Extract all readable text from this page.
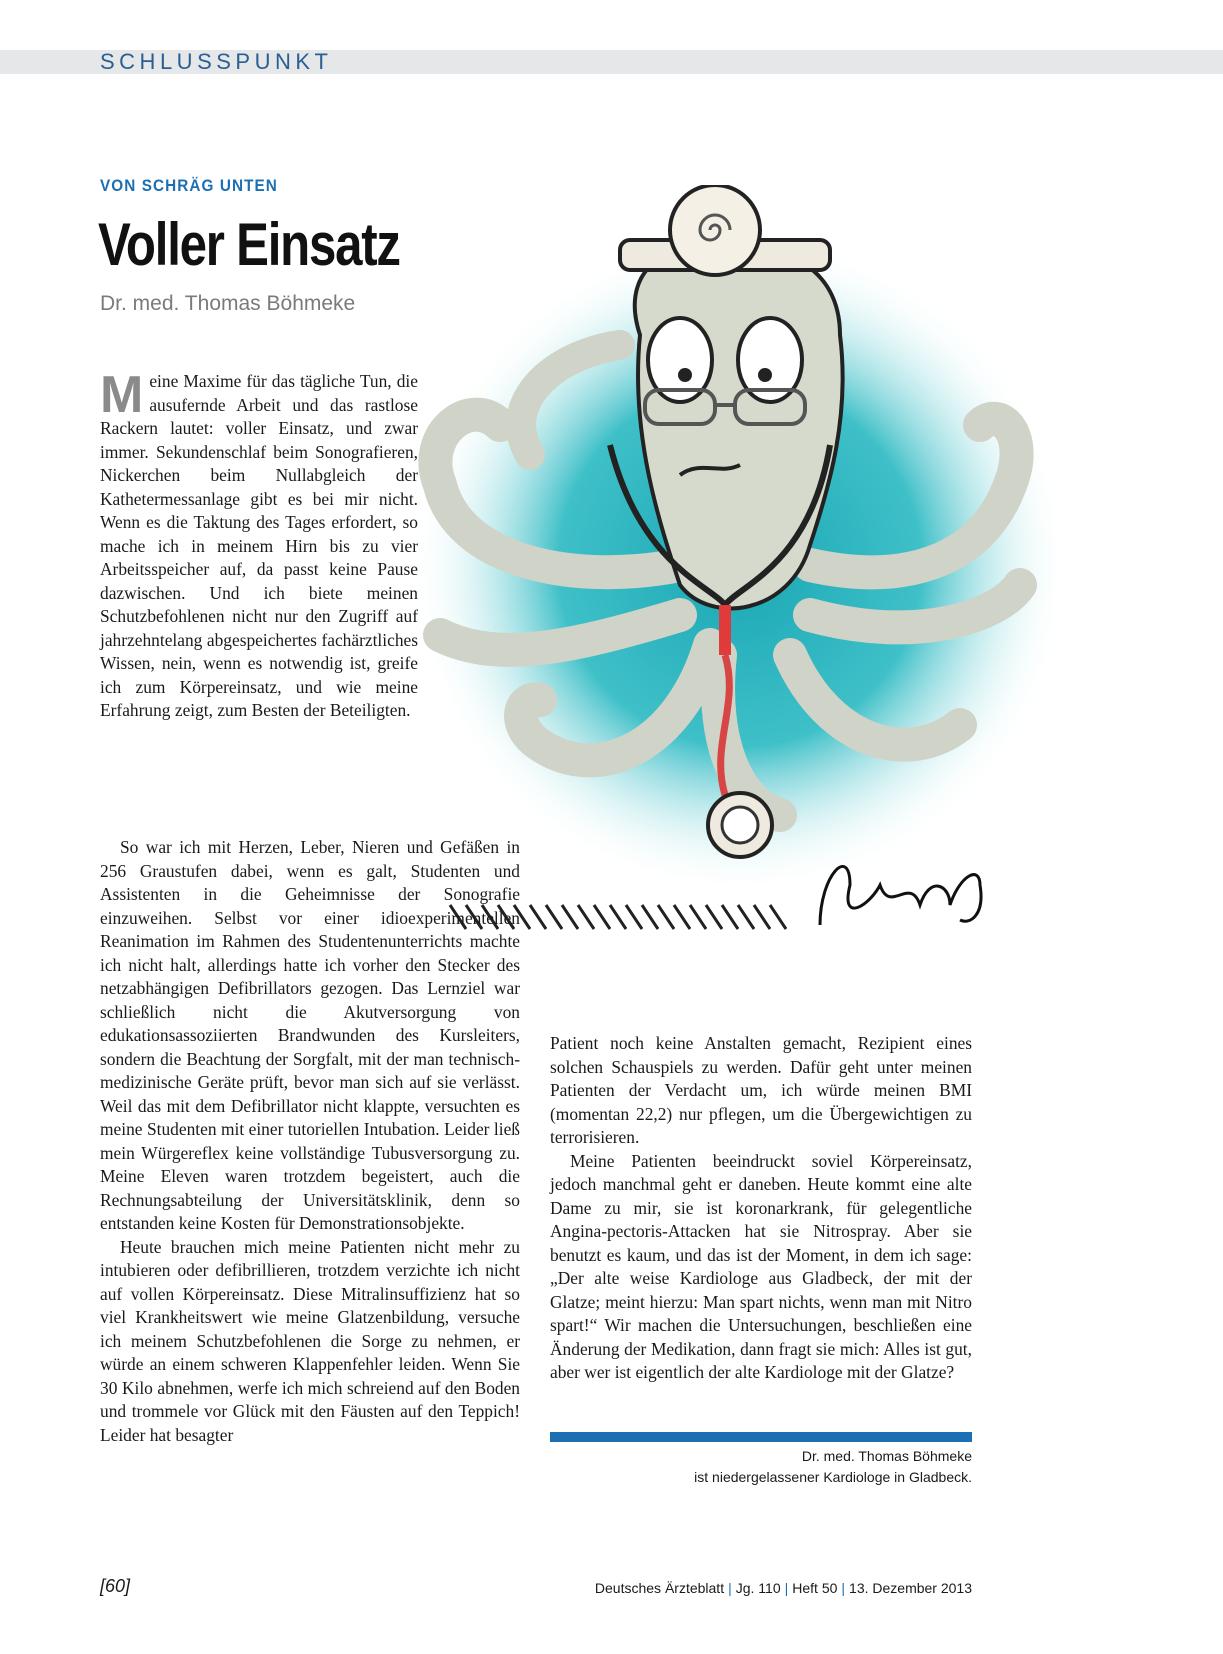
SCHLUSSPUNKT
VON SCHRÄG UNTEN
Voller Einsatz
Dr. med. Thomas Böhmeke

Meine Maxime für das tägliche Tun, die ausufernde Arbeit und das rastlose Rackern lautet: voller Einsatz, und zwar immer. Sekundenschlaf beim Sonografieren, Nickerchen beim Nullabgleich der Kathetermessanlage gibt es bei mir nicht. Wenn es die Taktung des Tages erfordert, so mache ich in meinem Hirn bis zu vier Arbeitsspeicher auf, da passt keine Pause dazwischen. Und ich biete meinen Schutzbefohlenen nicht nur den Zugriff auf jahrzehntelang abgespeichertes fachärztliches Wissen, nein, wenn es notwendig ist, greife ich zum Körpereinsatz, und wie meine Erfahrung zeigt, zum Besten der Beteiligten.

So war ich mit Herzen, Leber, Nieren und Gefäßen in 256 Graustufen dabei, wenn es galt, Studenten und Assistenten in die Geheimnisse der Sonografie einzuweihen. Selbst vor einer idioexperimentellen Reanimation im Rahmen des Studentenunterrichts machte ich nicht halt, allerdings hatte ich vorher den Stecker des netzabhängigen Defibrillators gezogen. Das Lernziel war schließlich nicht die Akutversorgung von edukationsassoziierten Brandwunden des Kursleiters, sondern die Beachtung der Sorgfalt, mit der man technisch-medizinische Geräte prüft, bevor man sich auf sie verlässt. Weil das mit dem Defibrillator nicht klappte, versuchten es meine Studenten mit einer tutoriellen Intubation. Leider ließ mein Würgereflex keine vollständige Tubusversorgung zu. Meine Eleven waren trotzdem begeistert, auch die Rechnungsabteilung der Universitätsklinik, denn so entstanden keine Kosten für Demonstrationsobjekte.

Heute brauchen mich meine Patienten nicht mehr zu intubieren oder defibrillieren, trotzdem verzichte ich nicht auf vollen Körpereinsatz. Diese Mitralinsuffizienz hat so viel Krankheitswert wie meine Glatzenbildung, versuche ich meinem Schutzbefohlenen die Sorge zu nehmen, er würde an einem schweren Klappenfehler leiden. Wenn Sie 30 Kilo abnehmen, werfe ich mich schreiend auf den Boden und trommele vor Glück mit den Fäusten auf den Teppich! Leider hat besagter

Patient noch keine Anstalten gemacht, Rezipient eines solchen Schauspiels zu werden. Dafür geht unter meinen Patienten der Verdacht um, ich würde meinen BMI (momentan 22,2) nur pflegen, um die Übergewichtigen zu terrorisieren.

Meine Patienten beeindruckt soviel Körpereinsatz, jedoch manchmal geht er daneben. Heute kommt eine alte Dame zu mir, sie ist koronarkrank, für gelegentliche Angina-pectoris-Attacken hat sie Nitrospray. Aber sie benutzt es kaum, und das ist der Moment, in dem ich sage: „Der alte weise Kardiologe aus Gladbeck, der mit der Glatze; meint hierzu: Man spart nichts, wenn man mit Nitro spart!“ Wir machen die Untersuchungen, beschließen eine Änderung der Medikation, dann fragt sie mich: Alles ist gut, aber wer ist eigentlich der alte Kardiologe mit der Glatze?

Dr. med. Thomas Böhmeke
ist niedergelassener Kardiologe in Gladbeck.
[60]	Deutsches Ärzteblatt | Jg. 110 | Heft 50 | 13. Dezember 2013
